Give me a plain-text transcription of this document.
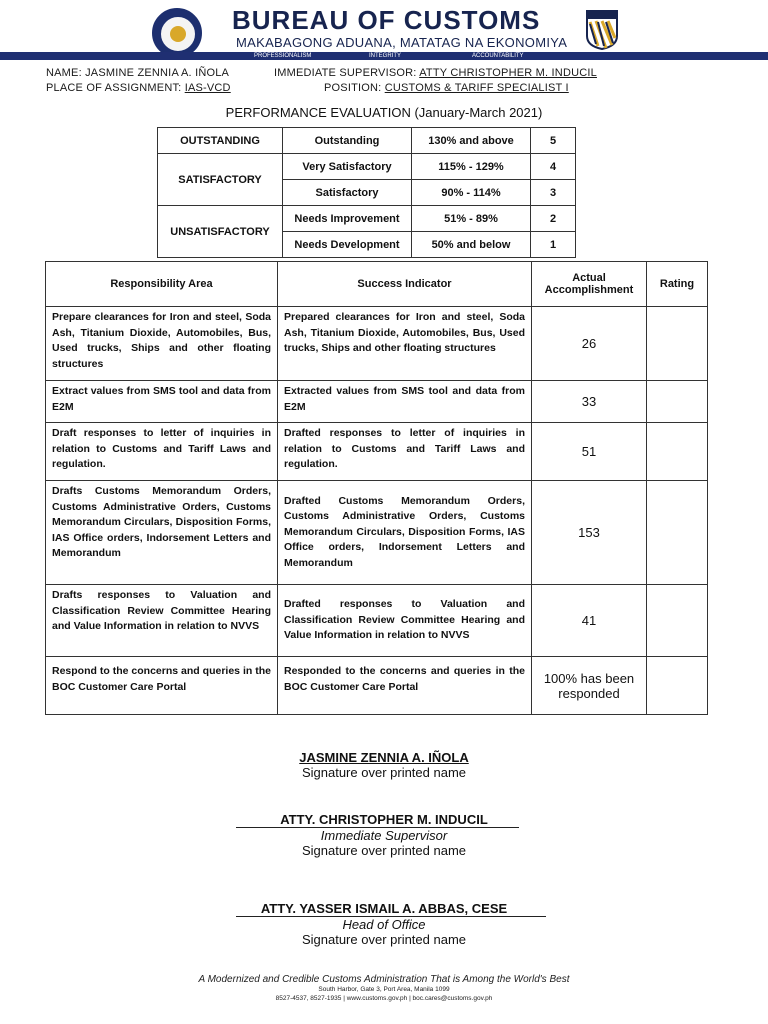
BUREAU OF CUSTOMS
MAKABAGONG ADUANA, MATATAG NA EKONOMIYA
PROFESSIONALISM	INTEGRITY	ACCOUNTABILITY
NAME: JASMINE ZENNIA A. IÑOLA	IMMEDIATE SUPERVISOR: ATTY CHRISTOPHER M. INDUCIL
PLACE OF ASSIGNMENT: IAS-VCD	POSITION: CUSTOMS & TARIFF SPECIALIST I
PERFORMANCE EVALUATION (January-March 2021)
OUTSTANDING	Outstanding	130% and above	5
SATISFACTORY	Very Satisfactory	115% - 129%	4
	Satisfactory	90% - 114%	3
UNSATISFACTORY	Needs Improvement	51% - 89%	2
	Needs Development	50% and below	1
Responsibility Area	Success Indicator	Actual Accomplishment	Rating
Prepare clearances for Iron and steel, Soda Ash, Titanium Dioxide, Automobiles, Bus, Used trucks, Ships and other floating structures	Prepared clearances for Iron and steel, Soda Ash, Titanium Dioxide, Automobiles, Bus, Used trucks, Ships and other floating structures	26	
Extract values from SMS tool and data from E2M	Extracted values from SMS tool and data from E2M	33	
Draft responses to letter of inquiries in relation to Customs and Tariff Laws and regulation.	Drafted responses to letter of inquiries in relation to Customs and Tariff Laws and regulation.	51	
Drafts Customs Memorandum Orders, Customs Administrative Orders, Customs Memorandum Circulars, Disposition Forms, IAS Office orders, Indorsement Letters and Memorandum	Drafted Customs Memorandum Orders, Customs Administrative Orders, Customs Memorandum Circulars, Disposition Forms, IAS Office orders, Indorsement Letters and Memorandum	153	
Drafts responses to Valuation and Classification Review Committee Hearing and Value Information in relation to NVVS	Drafted responses to Valuation and Classification Review Committee Hearing and Value Information in relation to NVVS	41	
Respond to the concerns and queries in the BOC Customer Care Portal	Responded to the concerns and queries in the BOC Customer Care Portal	100% has been responded	
JASMINE ZENNIA A. IÑOLA
Signature over printed name
ATTY. CHRISTOPHER M. INDUCIL
Immediate Supervisor
Signature over printed name
ATTY. YASSER ISMAIL A. ABBAS, CESE
Head of Office
Signature over printed name
A Modernized and Credible Customs Administration That is Among the World's Best
South Harbor, Gate 3, Port Area, Manila 1099
8527-4537, 8527-1935 | www.customs.gov.ph | boc.cares@customs.gov.ph
